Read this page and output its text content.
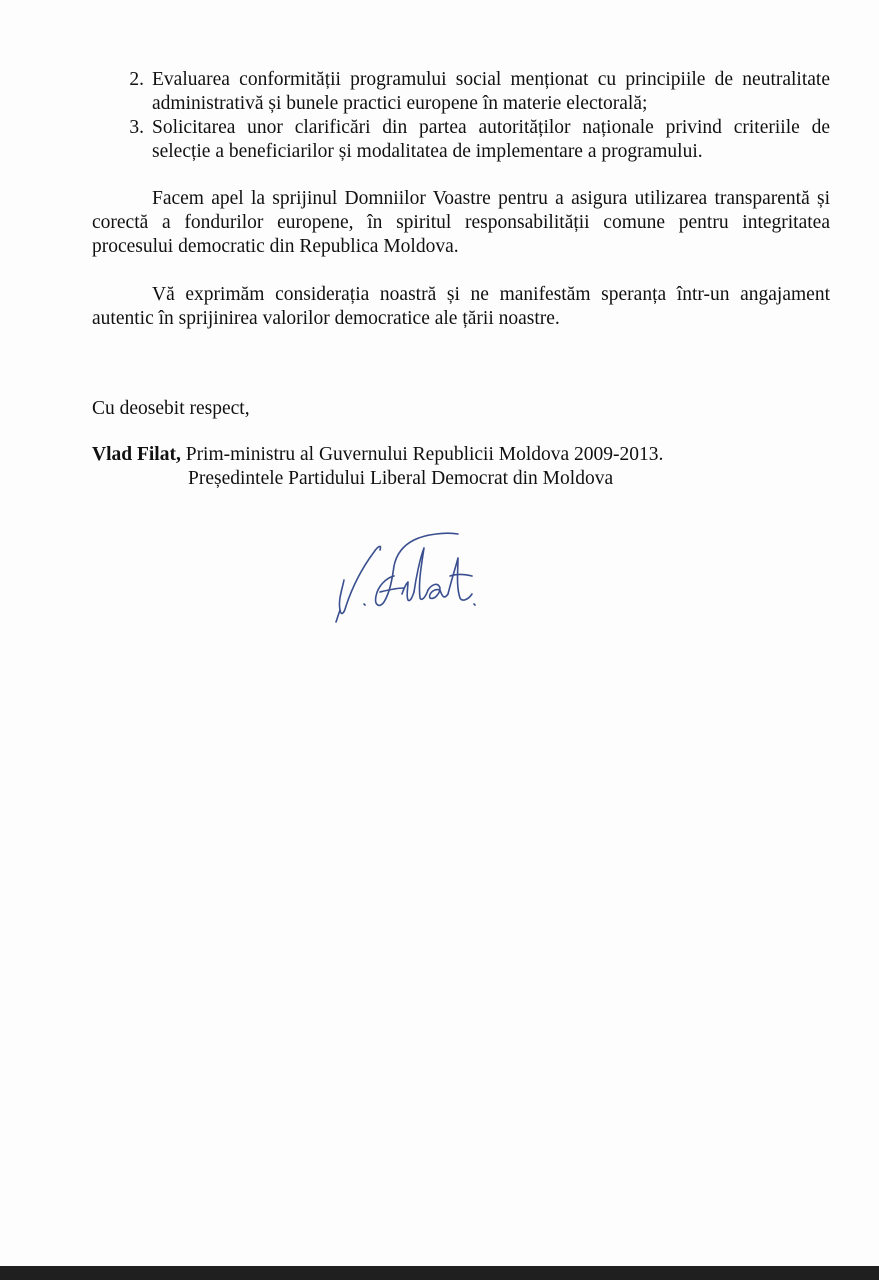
2. Evaluarea conformității programului social menționat cu principiile de neutralitate administrativă și bunele practici europene în materie electorală;
3. Solicitarea unor clarificări din partea autorităților naționale privind criteriile de selecție a beneficiarilor și modalitatea de implementare a programului.

Facem apel la sprijinul Domniilor Voastre pentru a asigura utilizarea transparentă și corectă a fondurilor europene, în spiritul responsabilității comune pentru integritatea procesului democratic din Republica Moldova.

Vă exprimăm considerația noastră și ne manifestăm speranța într-un angajament autentic în sprijinirea valorilor democratice ale țării noastre.

Cu deosebit respect,
Vlad Filat, Prim-ministru al Guvernului Republicii Moldova 2009-2013.
Președintele Partidului Liberal Democrat din Moldova
